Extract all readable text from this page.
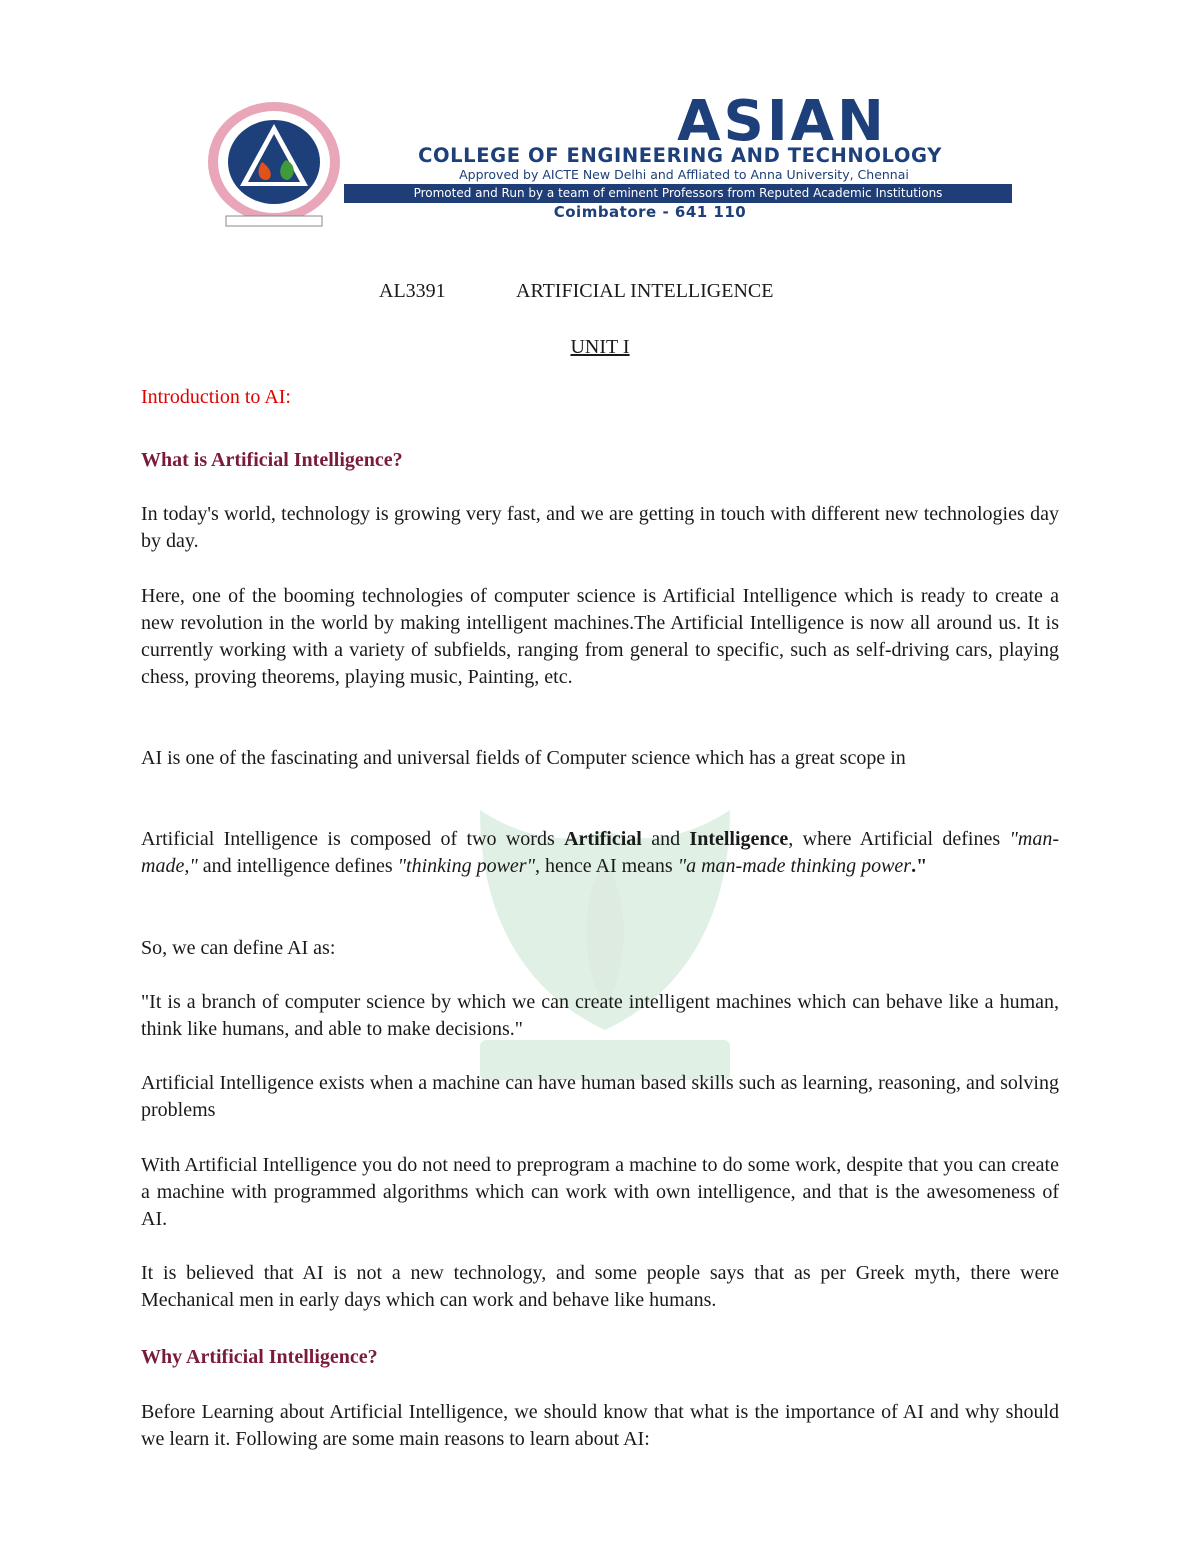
ASIAN
COLLEGE OF ENGINEERING AND TECHNOLOGY
Approved by AICTE New Delhi and Affliated to Anna University, Chennai
Promoted and Run by a team of eminent Professors from Reputed Academic Institutions
Coimbatore - 641 110
AL3391	ARTIFICIAL INTELLIGENCE
UNIT I
Introduction to AI:

What is Artificial Intelligence?

In today's world, technology is growing very fast, and we are getting in touch with different new technologies day by day.

Here, one of the booming technologies of computer science is Artificial Intelligence which is ready to create a new revolution in the world by making intelligent machines.The Artificial Intelligence is now all around us. It is currently working with a variety of subfields, ranging from general to specific, such as self-driving cars, playing chess, proving theorems, playing music, Painting, etc.

AI is one of the fascinating and universal fields of Computer science which has a great scope in

Artificial Intelligence is composed of two words Artificial and Intelligence, where Artificial defines "man-made," and intelligence defines "thinking power", hence AI means "a man-made thinking power."

So, we can define AI as:

"It is a branch of computer science by which we can create intelligent machines which can behave like a human, think like humans, and able to make decisions."

Artificial Intelligence exists when a machine can have human based skills such as learning, reasoning, and solving problems

With Artificial Intelligence you do not need to preprogram a machine to do some work, despite that you can create a machine with programmed algorithms which can work with own intelligence, and that is the awesomeness of AI.

It is believed that AI is not a new technology, and some people says that as per Greek myth, there were Mechanical men in early days which can work and behave like humans.

Why Artificial Intelligence?

Before Learning about Artificial Intelligence, we should know that what is the importance of AI and why should we learn it. Following are some main reasons to learn about AI:
